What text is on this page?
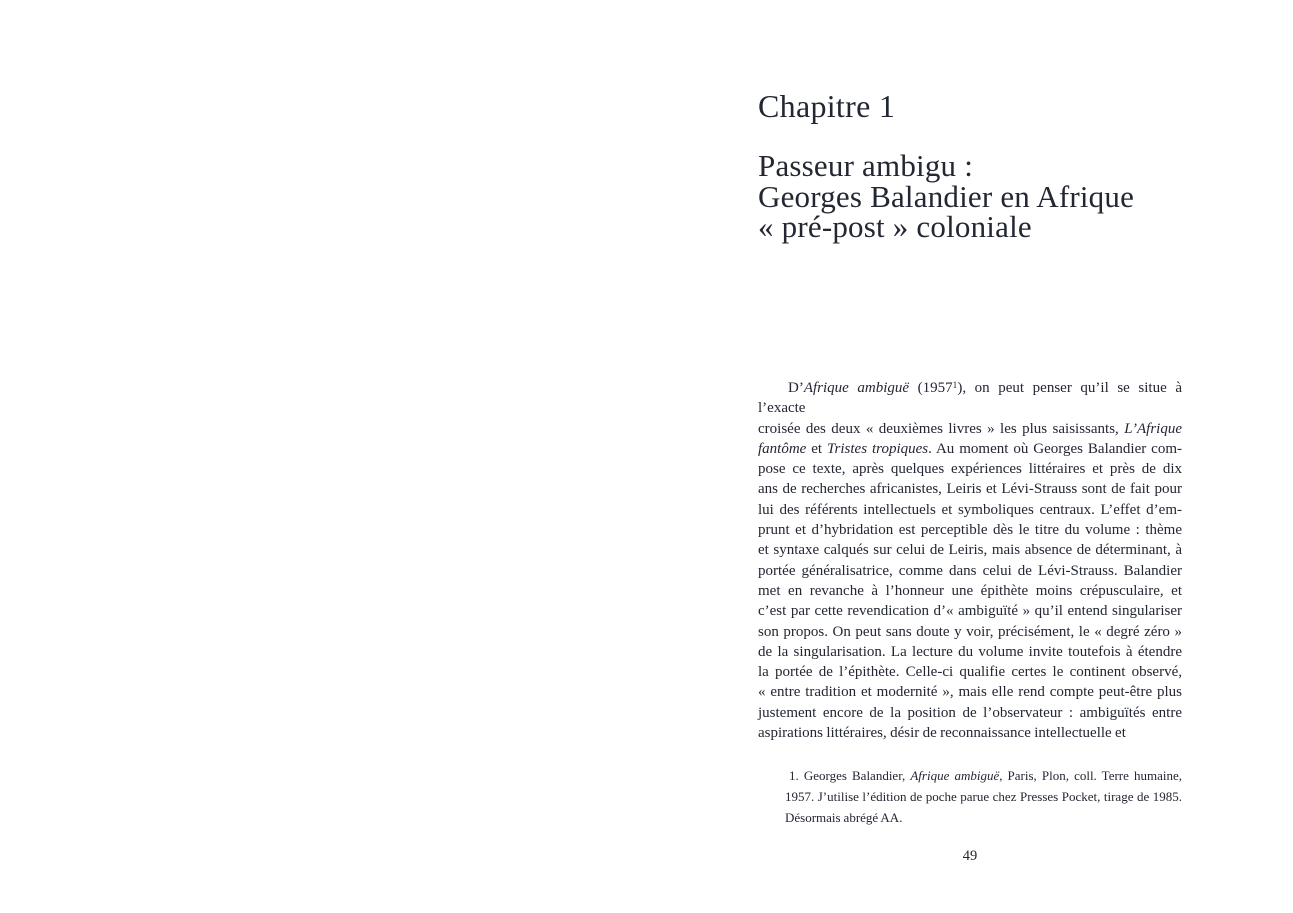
Chapitre 1
Passeur ambigu :
Georges Balandier en Afrique
« pré-post » coloniale
D’Afrique ambiguë (1957$^1$), on peut penser qu’il se situe à l’exacte
croisée des deux « deuxièmes livres » les plus saisissants, L’Afrique
fantôme et Tristes tropiques. Au moment où Georges Balandier com-
pose ce texte, après quelques expériences littéraires et près de dix
ans de recherches africanistes, Leiris et Lévi-Strauss sont de fait pour
lui des référents intellectuels et symboliques centraux. L’effet d’em-
prunt et d’hybridation est perceptible dès le titre du volume : thème
et syntaxe calqués sur celui de Leiris, mais absence de déterminant, à
portée généralisatrice, comme dans celui de Lévi-Strauss. Balandier
met en revanche à l’honneur une épithète moins crépusculaire, et
c’est par cette revendication d’« ambiguïté » qu’il entend singulariser
son propos. On peut sans doute y voir, précisément, le « degré zéro »
de la singularisation. La lecture du volume invite toutefois à étendre
la portée de l’épithète. Celle-ci qualifie certes le continent observé,
« entre tradition et modernité », mais elle rend compte peut-être plus
justement encore de la position de l’observateur : ambiguïtés entre
aspirations littéraires, désir de reconnaissance intellectuelle et
1. Georges Balandier, Afrique ambiguë, Paris, Plon, coll. Terre humaine,
1957. J’utilise l’édition de poche parue chez Presses Pocket, tirage de 1985.
Désormais abrégé AA.
49
